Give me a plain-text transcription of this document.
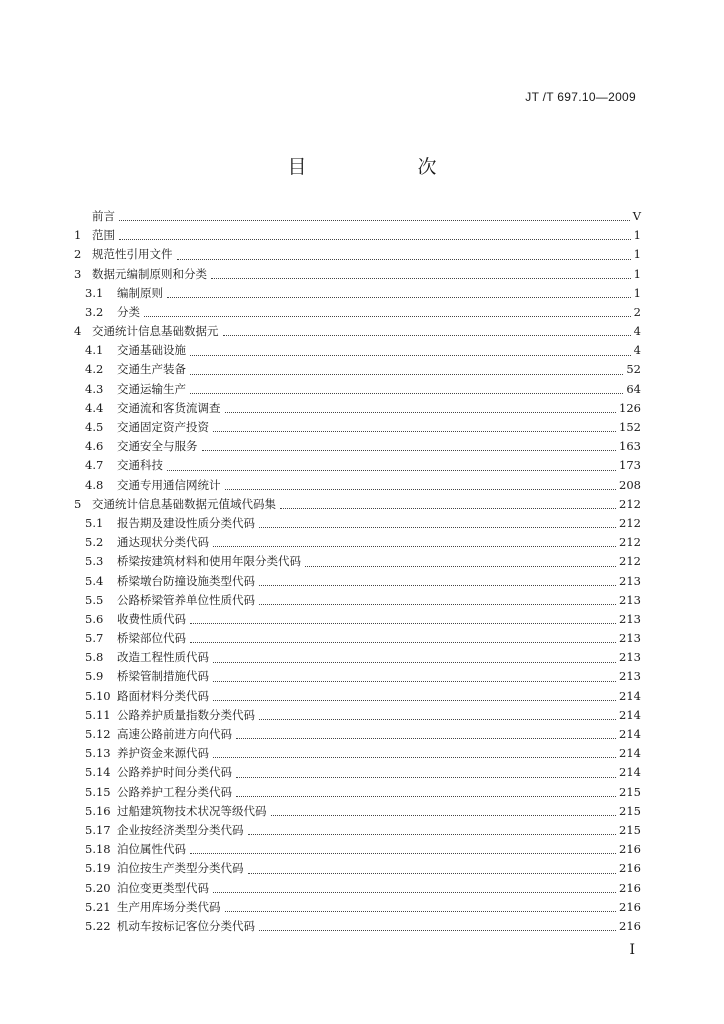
JT /T 697.10—2009
目　次
前言	V
1 范围	1
2 规范性引用文件	1
3 数据元编制原则和分类	1
3.1	编制原则	1
3.2	分类	2
4 交通统计信息基础数据元	4
4.1	交通基础设施	4
4.2	交通生产装备	52
4.3	交通运输生产	64
4.4	交通流和客货流调查	126
4.5	交通固定资产投资	152
4.6	交通安全与服务	163
4.7	交通科技	173
4.8	交通专用通信网统计	208
5 交通统计信息基础数据元值域代码集	212
5.1	报告期及建设性质分类代码	212
5.2	通达现状分类代码	212
5.3	桥梁按建筑材料和使用年限分类代码	212
5.4	桥梁墩台防撞设施类型代码	213
5.5	公路桥梁管养单位性质代码	213
5.6	收费性质代码	213
5.7	桥梁部位代码	213
5.8	改造工程性质代码	213
5.9	桥梁管制措施代码	213
5.10 路面材料分类代码	214
5.11 公路养护质量指数分类代码	214
5.12 高速公路前进方向代码	214
5.13 养护资金来源代码	214
5.14 公路养护时间分类代码	214
5.15 公路养护工程分类代码	215
5.16 过船建筑物技术状况等级代码	215
5.17 企业按经济类型分类代码	215
5.18 泊位属性代码	216
5.19 泊位按生产类型分类代码	216
5.20 泊位变更类型代码	216
5.21 生产用库场分类代码	216
5.22 机动车按标记客位分类代码	216
I
